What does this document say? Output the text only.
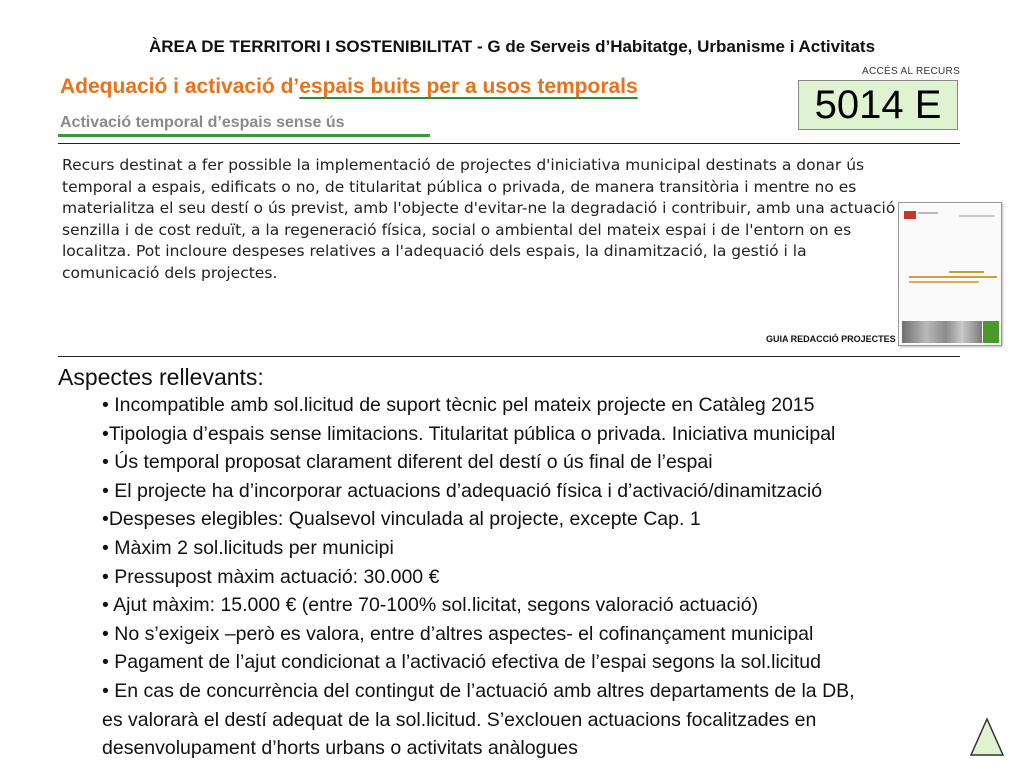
ÀREA DE TERRITORI I SOSTENIBILITAT - G de Serveis d’Habitatge, Urbanisme i Activitats
Adequació i activació d’espais buits per a usos temporals
Activació temporal d’espais sense ús
ACCÉS AL RECURS
5014 E
Recurs destinat a fer possible la implementació de projectes d'iniciativa municipal destinats a donar ús temporal a espais, edificats o no, de titularitat pública o privada, de manera transitòria i mentre no es materialitza el seu destí o ús previst, amb l'objecte d'evitar-ne la degradació i contribuir, amb una actuació senzilla i de cost reduït, a la regeneració física, social o ambiental del mateix espai i de l'entorn on es localitza. Pot incloure despeses relatives a l'adequació dels espais, la dinamització, la gestió i la comunicació dels projectes.
GUIA REDACCIÓ PROJECTES
Aspectes rellevants:
• Incompatible amb sol.licitud de suport tècnic pel mateix projecte en Catàleg 2015
•Tipologia d’espais sense limitacions. Titularitat pública o privada. Iniciativa municipal
• Ús temporal proposat clarament diferent del destí o ús final de l’espai
• El projecte ha d’incorporar actuacions d’adequació física i d’activació/dinamització
•Despeses elegibles: Qualsevol vinculada al projecte, excepte Cap. 1
• Màxim 2 sol.licituds per municipi
• Pressupost màxim actuació: 30.000 €
• Ajut màxim: 15.000 € (entre 70-100% sol.licitat, segons valoració actuació)
• No s’exigeix –però es valora, entre d’altres aspectes- el cofinançament municipal
• Pagament de l’ajut condicionat a l’activació efectiva de l’espai segons la sol.licitud
• En cas de concurrència del contingut de l’actuació amb altres departaments de la DB,
es valorarà el destí adequat de la sol.licitud. S’exclouen actuacions focalitzades en
desenvolupament d’horts urbans o activitats anàlogues
